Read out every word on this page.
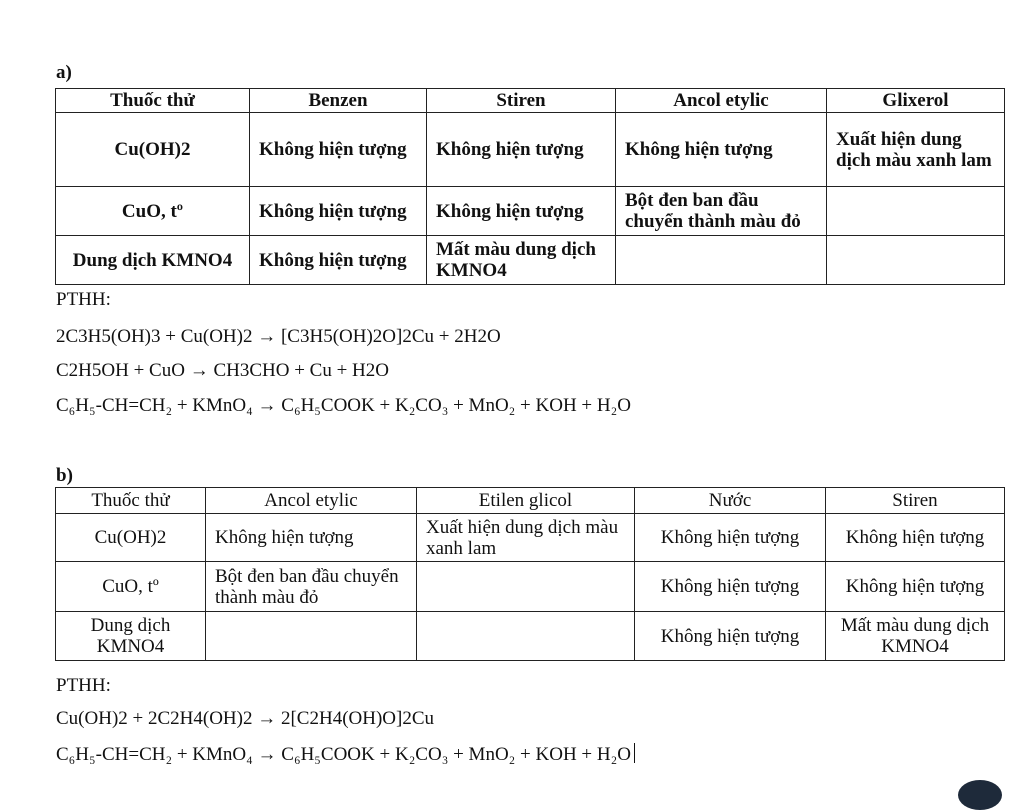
a)
Thuốc thử	Benzen	Stiren	Ancol etylic	Glixerol
Cu(OH)2	Không hiện tượng	Không hiện tượng	Không hiện tượng	Xuất hiện dung dịch màu xanh lam
CuO, tº	Không hiện tượng	Không hiện tượng	Bột đen ban đầu chuyển thành màu đỏ	
Dung dịch KMNO4	Không hiện tượng	Mất màu dung dịch KMNO4		
PTHH:
2C3H5(OH)3 + Cu(OH)2 → [C3H5(OH)2O]2Cu + 2H2O
C2H5OH + CuO → CH3CHO + Cu + H2O
C₆H₅-CH=CH₂ + KMnO₄ → C₆H₅COOK + K₂CO₃ + MnO₂ + KOH + H₂O
b)
Thuốc thử	Ancol etylic	Etilen glicol	Nước	Stiren
Cu(OH)2	Không hiện tượng	Xuất hiện dung dịch màu xanh lam	Không hiện tượng	Không hiện tượng
CuO, tº	Bột đen ban đầu chuyển thành màu đỏ		Không hiện tượng	Không hiện tượng
Dung dịch KMNO4			Không hiện tượng	Mất màu dung dịch KMNO4
PTHH:
Cu(OH)2 + 2C2H4(OH)2 → 2[C2H4(OH)O]2Cu
C₆H₅-CH=CH₂ + KMnO₄ → C₆H₅COOK + K₂CO₃ + MnO₂ + KOH + H₂O
